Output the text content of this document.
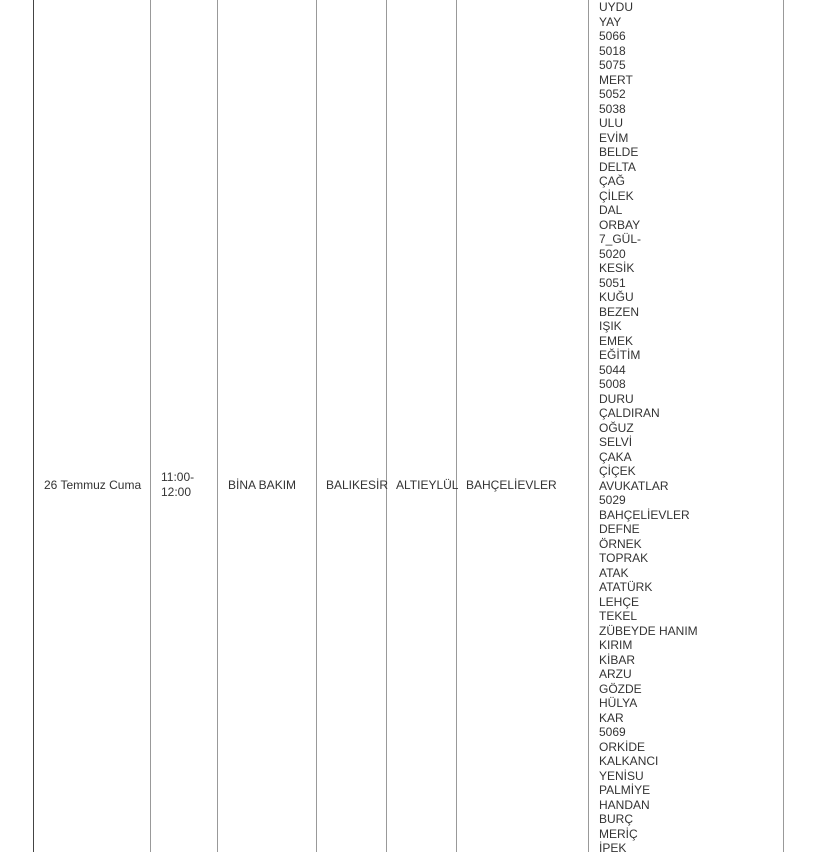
26 Temmuz Cuma
11:00-
12:00	BİNA BAKIM BALIKESİR ALTIEYLÜL BAHÇELİEVLER
UYDU
YAY
5066
5018
5075
MERT
5052
5038
ULU
EVİM
BELDE
DELTA
ÇAĞ
ÇİLEK
DAL
ORBAY
7_GÜL-
5020
KESİK
5051
KUĞU
BEZEN
IŞIK
EMEK
EĞİTİM
5044
5008
DURU
ÇALDIRAN
OĞUZ
SELVİ
ÇAKA
ÇİÇEK
AVUKATLAR
5029
BAHÇELİEVLER
DEFNE
ÖRNEK
TOPRAK
ATAK
ATATÜRK
LEHÇE
TEKEL
ZÜBEYDE HANIM
KIRIM
KİBAR
ARZU
GÖZDE
HÜLYA
KAR
5069
ORKİDE
KALKANCI
YENİSU
PALMİYE
HANDAN
BURÇ
MERİÇ
İPEK
